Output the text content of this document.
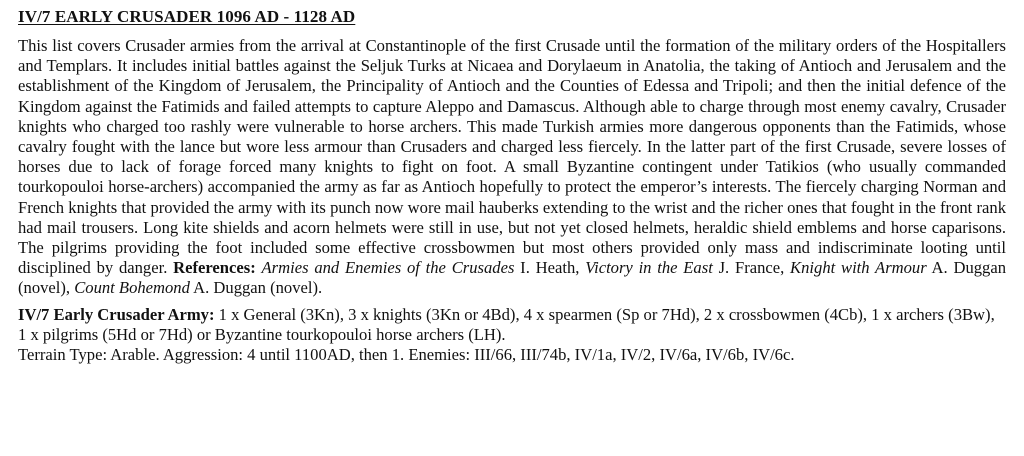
IV/7 EARLY CRUSADER 1096 AD - 1128 AD

This list covers Crusader armies from the arrival at Constantinople of the first Crusade until the formation of the military orders of the Hospitallers and Templars. It includes initial battles against the Seljuk Turks at Nicaea and Dorylaeum in Anatolia, the taking of Antioch and Jerusalem and the establishment of the Kingdom of Jerusalem, the Principality of Antioch and the Counties of Edessa and Tripoli; and then the initial defence of the Kingdom against the Fatimids and failed attempts to capture Aleppo and Damascus. Although able to charge through most enemy cavalry, Crusader knights who charged too rashly were vulnerable to horse archers. This made Turkish armies more dangerous opponents than the Fatimids, whose cavalry fought with the lance but wore less armour than Crusaders and charged less fiercely. In the latter part of the first Crusade, severe losses of horses due to lack of forage forced many knights to fight on foot. A small Byzantine contingent under Tatikios (who usually commanded tourkopouloi horse-archers) accompanied the army as far as Antioch hopefully to protect the emperor’s interests. The fiercely charging Norman and French knights that provided the army with its punch now wore mail hauberks extending to the wrist and the richer ones that fought in the front rank had mail trousers. Long kite shields and acorn helmets were still in use, but not yet closed helmets, heraldic shield emblems and horse caparisons. The pilgrims providing the foot included some effective crossbowmen but most others provided only mass and indiscriminate looting until disciplined by danger. References: Armies and Enemies of the Crusades I. Heath, Victory in the East J. France, Knight with Armour A. Duggan (novel), Count Bohemond A. Duggan (novel).

IV/7 Early Crusader Army: 1 x General (3Kn), 3 x knights (3Kn or 4Bd), 4 x spearmen (Sp or 7Hd), 2 x crossbowmen (4Cb), 1 x archers (3Bw), 1 x pilgrims (5Hd or 7Hd) or Byzantine tourkopouloi horse archers (LH).

Terrain Type: Arable. Aggression: 4 until 1100AD, then 1. Enemies: III/66, III/74b, IV/1a, IV/2, IV/6a, IV/6b, IV/6c.
